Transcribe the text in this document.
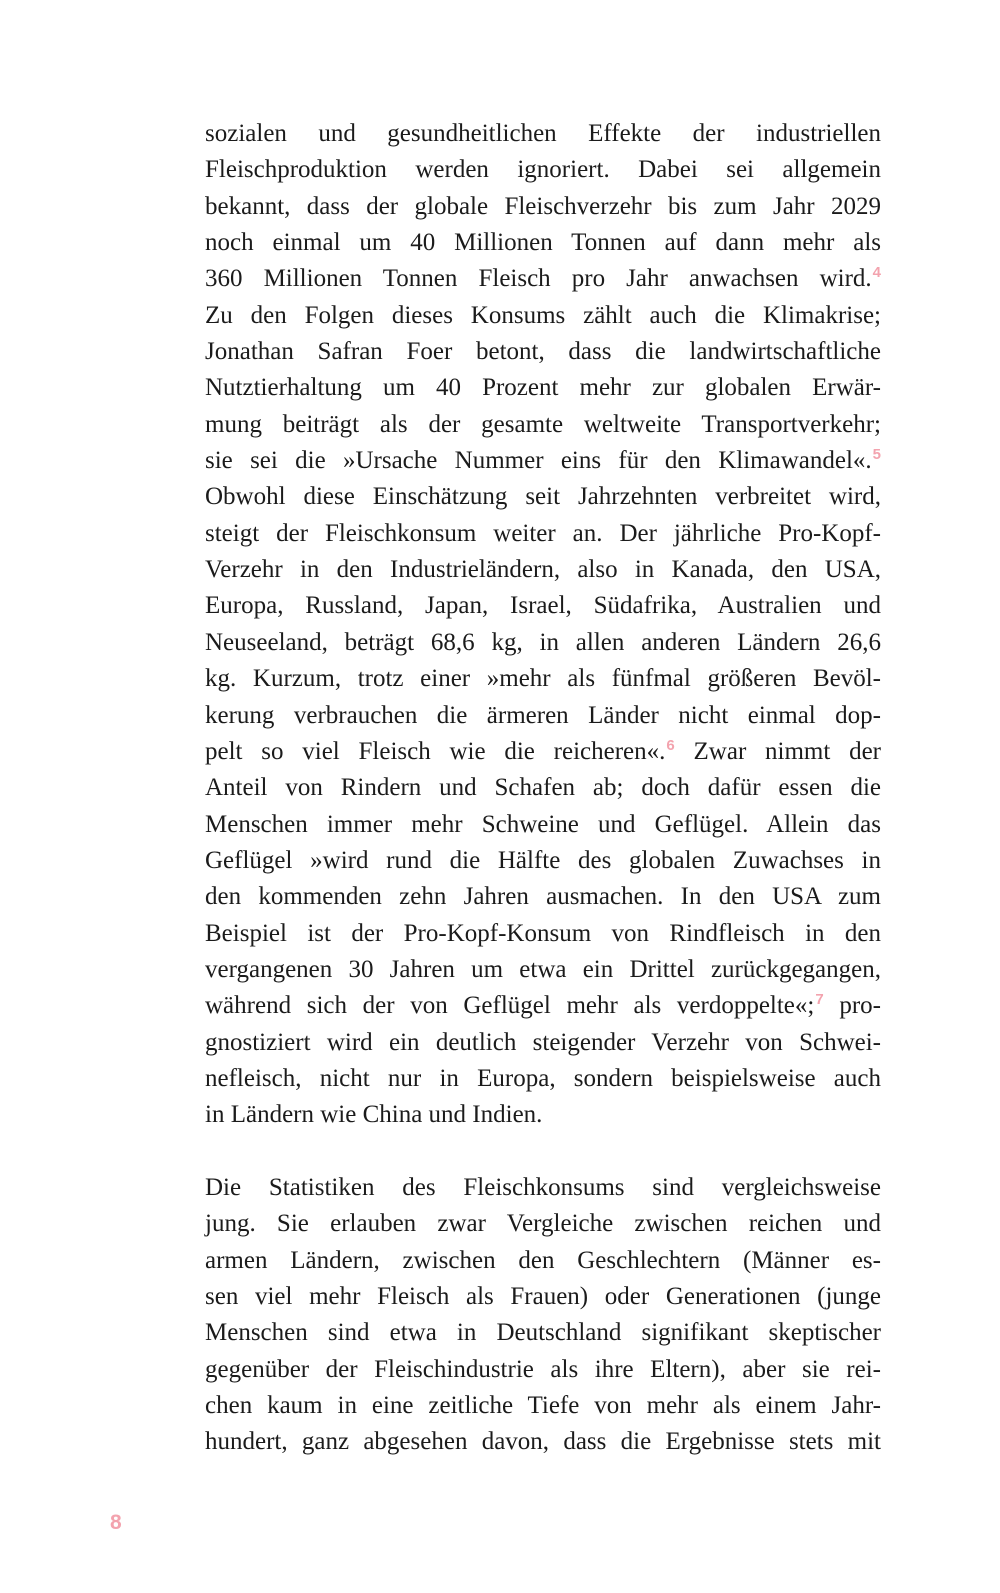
sozialen und gesundheitlichen Effekte der industriellen
Fleischproduktion werden ignoriert. Dabei sei allgemein
bekannt, dass der globale Fleischverzehr bis zum Jahr 2029
noch einmal um 40 Millionen Tonnen auf dann mehr als
360 Millionen Tonnen Fleisch pro Jahr anwachsen wird.$^4$
Zu den Folgen dieses Konsums zählt auch die Klimakrise;
Jonathan Safran Foer betont, dass die landwirtschaftliche
Nutztierhaltung um 40 Prozent mehr zur globalen Erwär-
mung beiträgt als der gesamte weltweite Transportverkehr;
sie sei die »Ursache Nummer eins für den Klimawandel«.$^5$
Obwohl diese Einschätzung seit Jahrzehnten verbreitet wird,
steigt der Fleischkonsum weiter an. Der jährliche Pro-Kopf-
Verzehr in den Industrieländern, also in Kanada, den USA,
Europa, Russland, Japan, Israel, Südafrika, Australien und
Neuseeland, beträgt 68,6 kg, in allen anderen Ländern 26,6
kg. Kurzum, trotz einer »mehr als fünfmal größeren Bevöl-
kerung verbrauchen die ärmeren Länder nicht einmal dop-
pelt so viel Fleisch wie die reicheren«.$^6$ Zwar nimmt der
Anteil von Rindern und Schafen ab; doch dafür essen die
Menschen immer mehr Schweine und Geflügel. Allein das
Geflügel »wird rund die Hälfte des globalen Zuwachses in
den kommenden zehn Jahren ausmachen. In den USA zum
Beispiel ist der Pro-Kopf-Konsum von Rindfleisch in den
vergangenen 30 Jahren um etwa ein Drittel zurückgegangen,
während sich der von Geflügel mehr als verdoppelte«;$^7$ pro-
gnostiziert wird ein deutlich steigender Verzehr von Schwei-
nefleisch, nicht nur in Europa, sondern beispielsweise auch
in Ländern wie China und Indien.
Die Statistiken des Fleischkonsums sind vergleichsweise
jung. Sie erlauben zwar Vergleiche zwischen reichen und
armen Ländern, zwischen den Geschlechtern (Männer es-
sen viel mehr Fleisch als Frauen) oder Generationen (junge
Menschen sind etwa in Deutschland signifikant skeptischer
gegenüber der Fleischindustrie als ihre Eltern), aber sie rei-
chen kaum in eine zeitliche Tiefe von mehr als einem Jahr-
hundert, ganz abgesehen davon, dass die Ergebnisse stets mit
8
